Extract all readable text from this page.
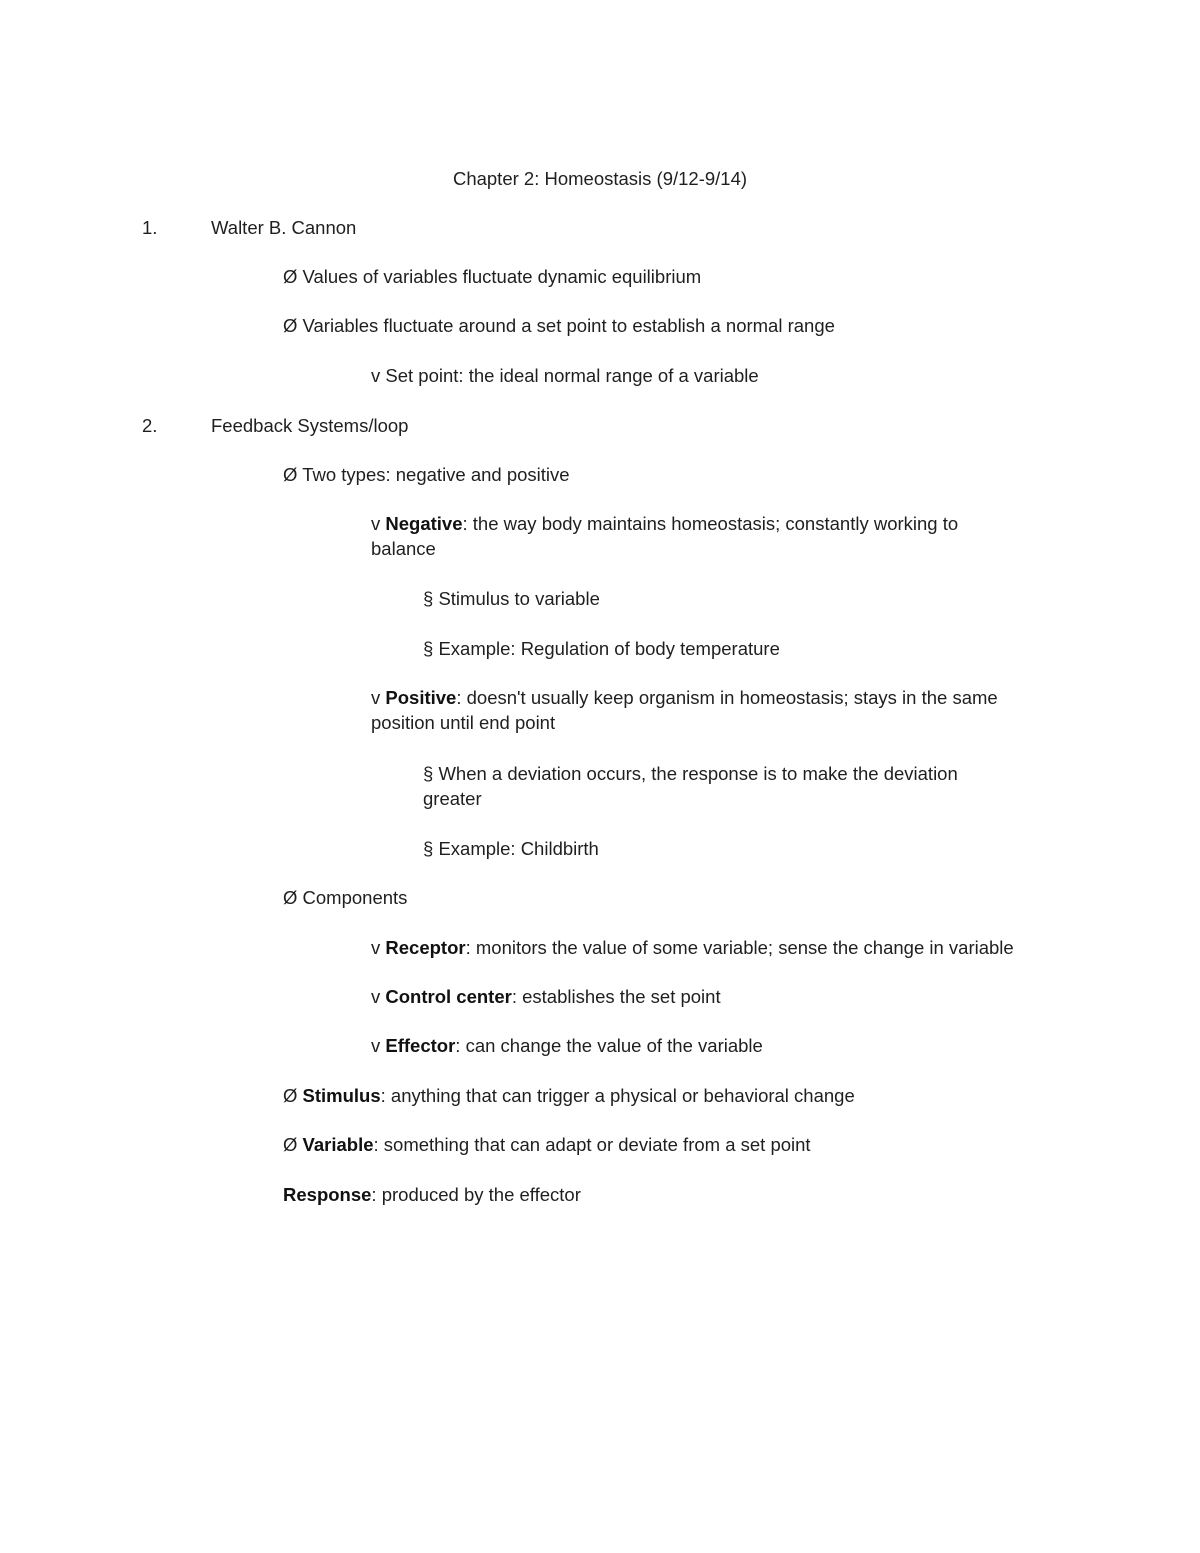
Chapter 2: Homeostasis (9/12-9/14)
1.	Walter B. Cannon
Ø Values of variables fluctuate dynamic equilibrium
Ø Variables fluctuate around a set point to establish a normal range
v Set point: the ideal normal range of a variable
2.	Feedback Systems/loop
Ø Two types: negative and positive
v Negative: the way body maintains homeostasis; constantly working to balance
§ Stimulus to variable
§ Example: Regulation of body temperature
v Positive: doesn't usually keep organism in homeostasis; stays in the same position until end point
§ When a deviation occurs, the response is to make the deviation greater
§ Example: Childbirth
Ø Components
v Receptor: monitors the value of some variable; sense the change in variable
v Control center: establishes the set point
v Effector: can change the value of the variable
Ø Stimulus: anything that can trigger a physical or behavioral change
Ø Variable: something that can adapt or deviate from a set point
Response: produced by the effector
